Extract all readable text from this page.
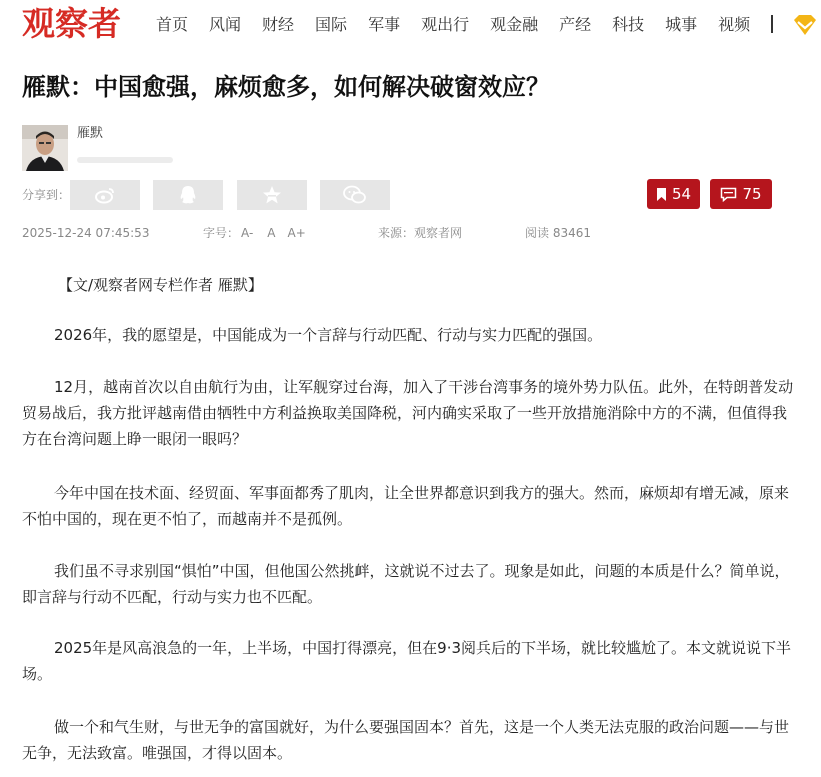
观察者 首页 风闻 财经 国际 军事 观出行 观金融 产经 科技 城事 视频
雁默：中国愈强，麻烦愈多，如何解决破窗效应？
雁默
分享到：	54	75
2025-12-24 07:45:53	字号： A- A A+	来源：观察者网	阅读 83461

【文/观察者网专栏作者 雁默】

2026年，我的愿望是，中国能成为一个言辞与行动匹配、行动与实力匹配的强国。

12月，越南首次以自由航行为由，让军舰穿过台海，加入了干涉台湾事务的境外势力队伍。此外，在特朗普发动贸易战后，我方批评越南借由牺牲中方利益换取美国降税，河内确实采取了一些开放措施消除中方的不满，但值得我方在台湾问题上睁一眼闭一眼吗？

今年中国在技术面、经贸面、军事面都秀了肌肉，让全世界都意识到我方的强大。然而，麻烦却有增无减，原来不怕中国的，现在更不怕了，而越南并不是孤例。

我们虽不寻求别国“惧怕”中国，但他国公然挑衅，这就说不过去了。现象是如此，问题的本质是什么？简单说，即言辞与行动不匹配，行动与实力也不匹配。

2025年是风高浪急的一年，上半场，中国打得漂亮，但在9·3阅兵后的下半场，就比较尴尬了。本文就说说下半场。

做一个和气生财，与世无争的富国就好，为什么要强国固本？首先，这是一个人类无法克服的政治问题——与世无争，无法致富。唯强国，才得以固本。
